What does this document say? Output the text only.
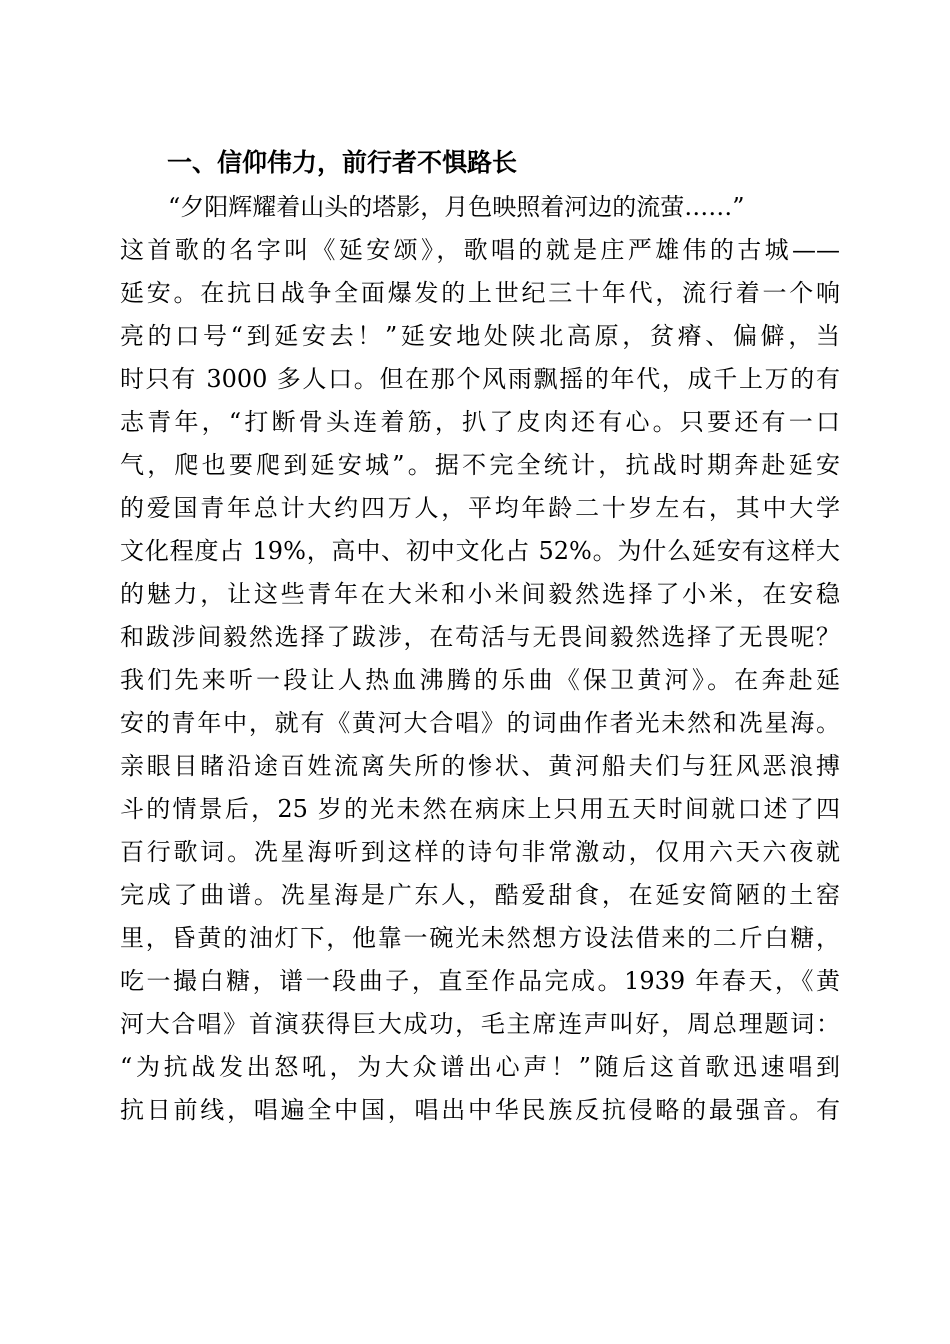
一、信仰伟力，前行者不惧路长
“夕阳辉耀着山头的塔影，月色映照着河边的流萤……”
这首歌的名字叫《延安颂》，歌唱的就是庄严雄伟的古城——
延安。在抗日战争全面爆发的上世纪三十年代，流行着一个响
亮的口号“到延安去！”延安地处陕北高原，贫瘠、偏僻，当
时只有 3000 多人口。但在那个风雨飘摇的年代，成千上万的有
志青年，“打断骨头连着筋，扒了皮肉还有心。只要还有一口
气，爬也要爬到延安城”。据不完全统计，抗战时期奔赴延安
的爱国青年总计大约四万人，平均年龄二十岁左右，其中大学
文化程度占 19%，高中、初中文化占 52%。为什么延安有这样大
的魅力，让这些青年在大米和小米间毅然选择了小米，在安稳
和跋涉间毅然选择了跋涉，在苟活与无畏间毅然选择了无畏呢？
我们先来听一段让人热血沸腾的乐曲《保卫黄河》。在奔赴延
安的青年中，就有《黄河大合唱》的词曲作者光未然和冼星海。
亲眼目睹沿途百姓流离失所的惨状、黄河船夫们与狂风恶浪搏
斗的情景后，25 岁的光未然在病床上只用五天时间就口述了四
百行歌词。冼星海听到这样的诗句非常激动，仅用六天六夜就
完成了曲谱。冼星海是广东人，酷爱甜食，在延安简陋的土窑
里，昏黄的油灯下，他靠一碗光未然想方设法借来的二斤白糖，
吃一撮白糖，谱一段曲子，直至作品完成。1939 年春天，《黄
河大合唱》首演获得巨大成功，毛主席连声叫好，周总理题词：
“为抗战发出怒吼，为大众谱出心声！”随后这首歌迅速唱到
抗日前线，唱遍全中国，唱出中华民族反抗侵略的最强音。有
